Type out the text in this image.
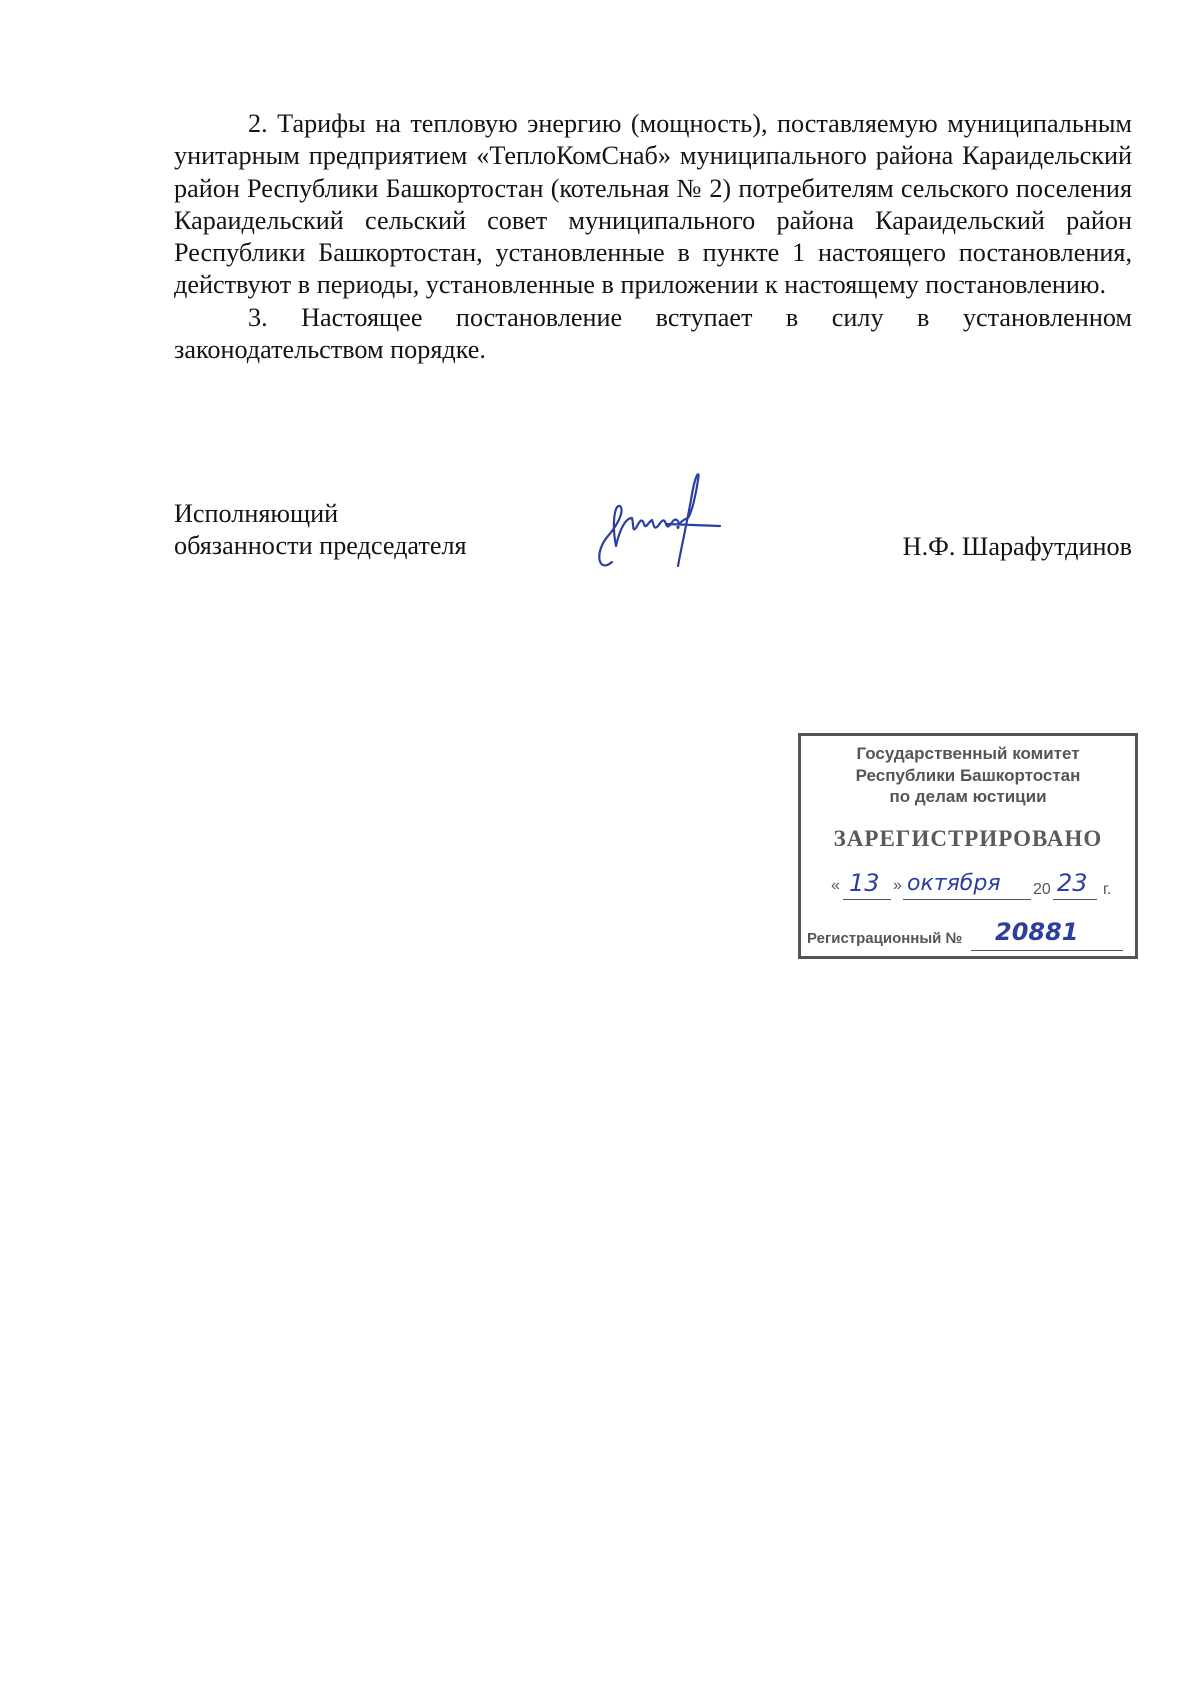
2. Тарифы на тепловую энергию (мощность), поставляемую муниципальным унитарным предприятием «ТеплоКомСнаб» муниципального района Караидельский район Республики Башкортостан (котельная № 2) потребителям сельского поселения Караидельский сельский совет муниципального района Караидельский район Республики Башкортостан, установленные в пункте 1 настоящего постановления, действуют в периоды, установленные в приложении к настоящему постановлению.

3. Настоящее постановление вступает в силу в установленном законодательством порядке.

Исполняющий
обязанности председателя	Н.Ф. Шарафутдинов
Государственный комитет
Республики Башкортостан
по делам юстиции
ЗАРЕГИСТРИРОВАНО
« 13 » октября 20 23 г.
Регистрационный № 20881
